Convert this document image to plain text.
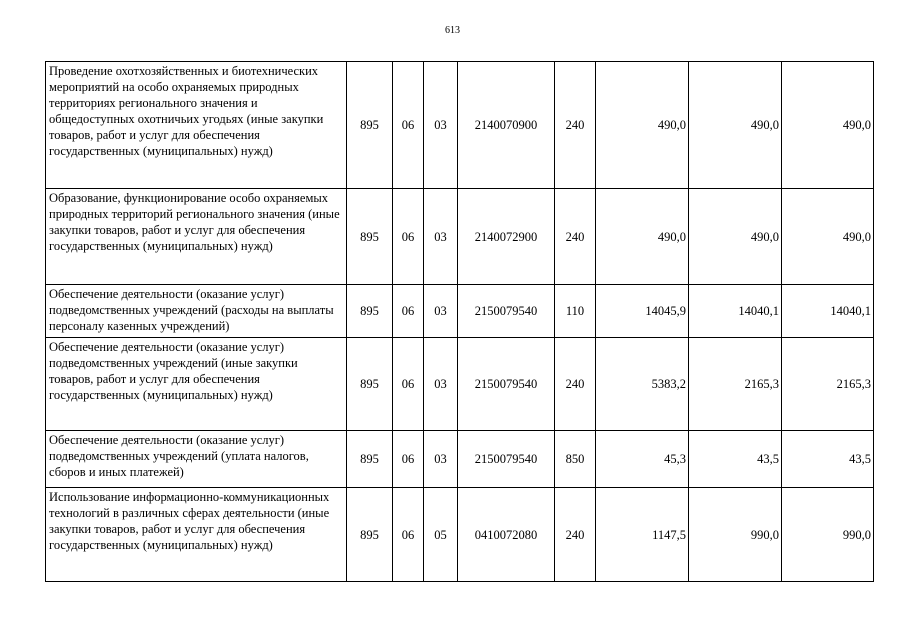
613
Проведение охотхозяйственных и биотехнических мероприятий на особо охраняемых природных территориях регионального значения и общедоступных охотничьих угодьях (иные закупки товаров, работ и услуг для обеспечения государственных (муниципальных) нужд)	895	06	03	2140070900	240	490,0	490,0	490,0
Образование, функционирование особо охраняемых природных территорий регионального значения (иные закупки товаров, работ и услуг для обеспечения государственных (муниципальных) нужд)	895	06	03	2140072900	240	490,0	490,0	490,0
Обеспечение деятельности (оказание услуг) подведомственных учреждений (расходы на выплаты персоналу казенных учреждений)	895	06	03	2150079540	110	14045,9	14040,1	14040,1
Обеспечение деятельности (оказание услуг) подведомственных учреждений (иные закупки товаров, работ и услуг для обеспечения государственных (муниципальных) нужд)	895	06	03	2150079540	240	5383,2	2165,3	2165,3
Обеспечение деятельности (оказание услуг) подведомственных учреждений (уплата налогов, сборов и иных платежей)	895	06	03	2150079540	850	45,3	43,5	43,5
Использование информационно-коммуникационных технологий в различных сферах деятельности (иные закупки товаров, работ и услуг для обеспечения государственных (муниципальных) нужд)	895	06	05	0410072080	240	1147,5	990,0	990,0
